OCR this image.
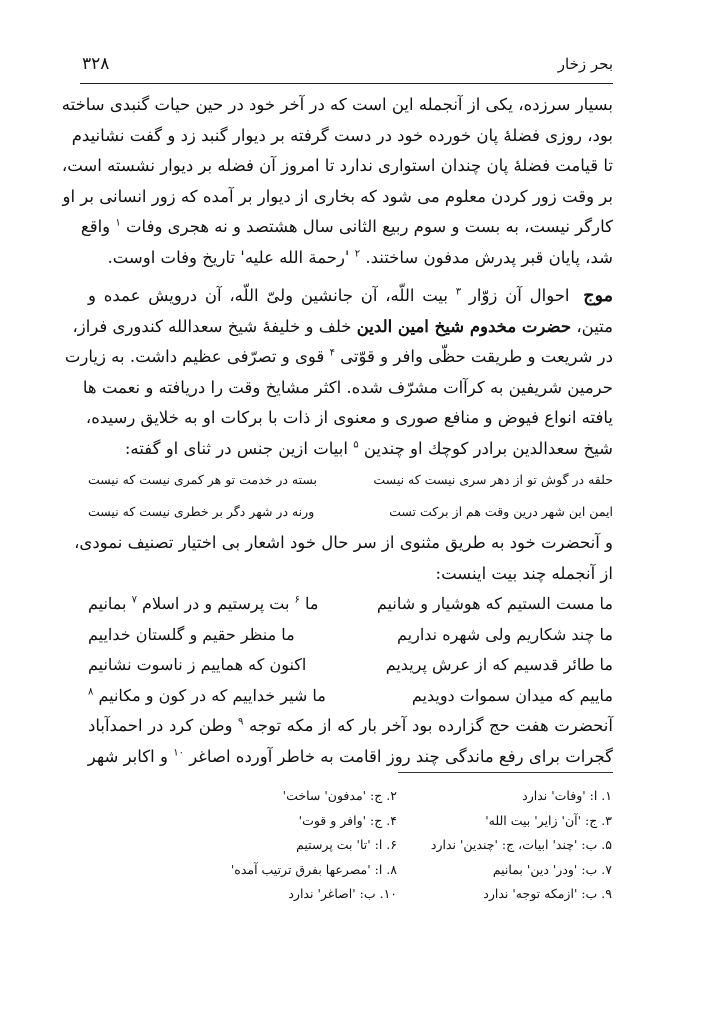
۳۲۸	بحر زخار
بسیار سرزده، یکی از آنجمله این است که در آخر خود در حین حیات گنبدی ساخته
بود، روزی فضلهٔ پان خورده خود در دست گرفته بر دیوار گنبد زد و گفت نشانیدم
تا قیامت فضلهٔ پان چندان استواری ندارد تا امروز آن فضله بر دیوار نشسته است،
بر وقت زور کردن معلوم می شود که بخاری از دیوار بر آمده که زور انسانی بر او
کارگر نیست، به بست و سوم ربیع الثانی سال هشتصد و نه هجری وفات $^۱$ واقع
شد، پایان قبر پدرش مدفون ساختند. $^۲$ 'رحمة الله علیه' تاریخ وفات اوست.
موج احوال آن زوّار $^۳$ بیت اللّه، آن جانشین ولیّ اللّه، آن درویش عمده و
متین، حضرت مخدوم شیخ امین الدین خلف و خلیفهٔ شیخ سعدالله کندوری فراز،
در شریعت و طریقت حظّی وافر و قوّتی $^۴$ قوی و تصرّفی عظیم داشت. به زیارت
حرمین شریفین به کرآات مشرّف شده. اکثر مشایخ وقت را دریافته و نعمت ها
یافته انواع فیوض و منافع صوری و معنوی از ذات با برکات او به خلایق رسیده،
شیخ سعدالدین برادر کوچك او چندین $^۵$ ابیات ازین جنس در ثنای او گفته:
حلقه در گوش تو از دهر سری نیست که نیست
بسته در خدمت تو هر کمری نیست که نیست
ایمن این شهر درین وقت هم از برکت تست
ورنه در شهر دگر بر خطری نیست که نیست
و آنحضرت خود به طریق مثنوی از سر حال خود اشعار بی اختیار تصنیف نمودی،
از آنجمله چند بیت اینست:
ما مست الستیم که هوشیار و شانیم
ما $^۶$ بت پرستیم و در اسلام $^۷$ بمانیم
ما چند شکاریم ولی شهره نداریم
ما منظر حقیم و گلستان خداییم
ما طائر قدسیم که از عرش پریدیم
اکنون که هماییم ز ناسوت نشانیم
ماییم که میدان سموات دویدیم
ما شیر خداییم که در کون و مکانیم $^۸$
آنحضرت هفت حج گزارده بود آخر بار که از مکه توجه $^۹$ وطن کرد در احمدآباد
گجرات برای رفع ماندگی چند روز اقامت به خاطر آورده اصاغر $^{۱۰}$ و اکابر شهر
۱. ا: 'وفات' ندارد
۲. ج: 'مدفون' ساخت'
۳. ج: 'آن' زایر' بیت الله'
۴. ج: 'وافر و قوت'
۵. ب: 'چند' ابیات، ج: 'چندین' ندارد
۶. ا: 'تا' بت پرستیم
۷. ب: 'ودر' دین' بمانیم
۸. ا: 'مصرعها بفرق ترتیب آمده'
۹. ب: 'ازمکه توجه' ندارد
۱۰. ب: 'اصاغر' ندارد
